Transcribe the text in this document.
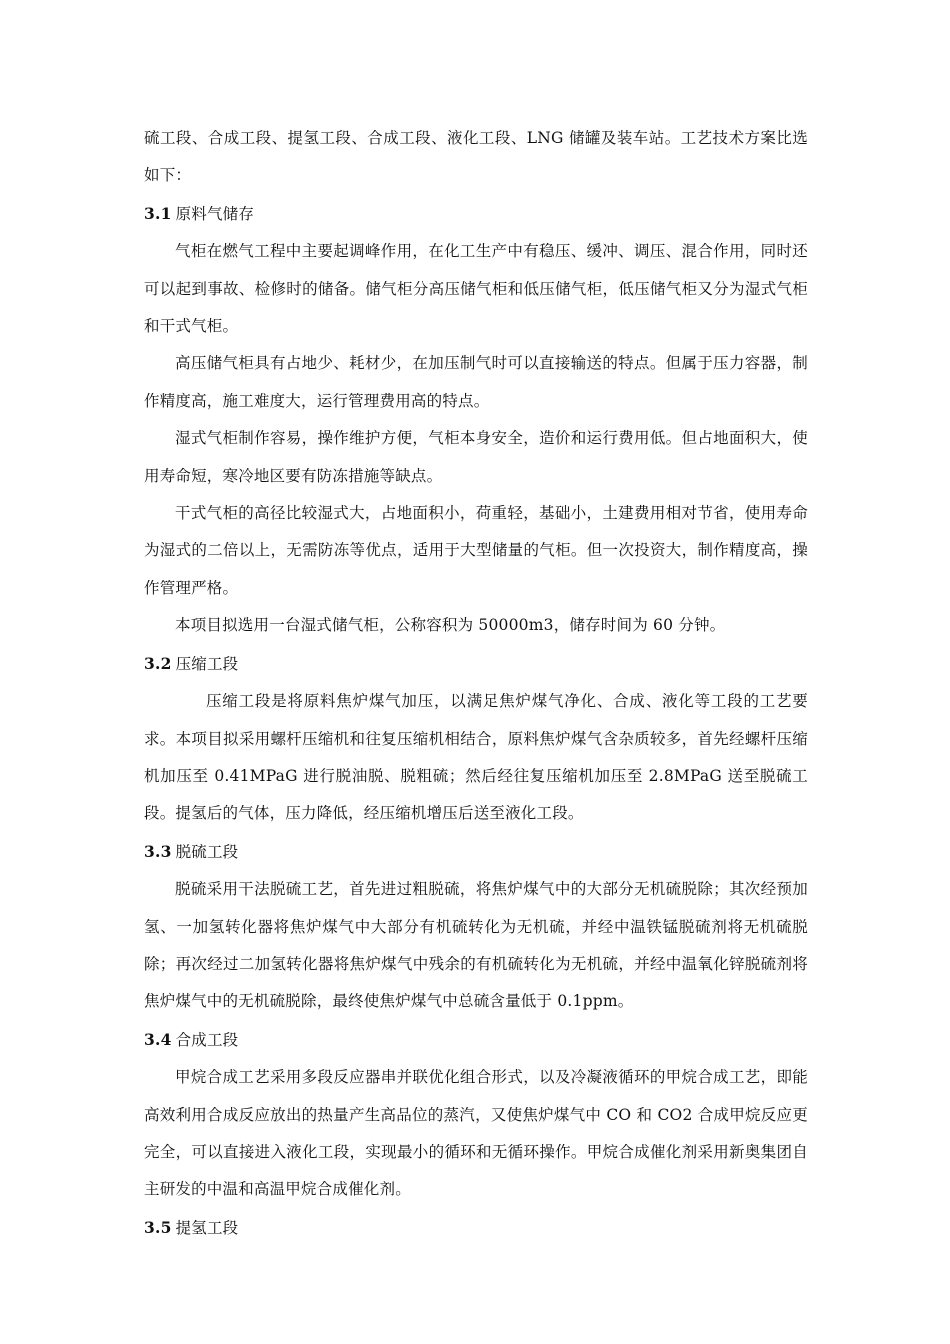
硫工段、合成工段、提氢工段、合成工段、液化工段、LNG 储罐及装车站。工艺技术方案比选如下：

3.1 原料气储存

气柜在燃气工程中主要起调峰作用，在化工生产中有稳压、缓冲、调压、混合作用，同时还可以起到事故、检修时的储备。储气柜分高压储气柜和低压储气柜，低压储气柜又分为湿式气柜和干式气柜。

高压储气柜具有占地少、耗材少，在加压制气时可以直接输送的特点。但属于压力容器，制作精度高，施工难度大，运行管理费用高的特点。

湿式气柜制作容易，操作维护方便，气柜本身安全，造价和运行费用低。但占地面积大，使用寿命短，寒冷地区要有防冻措施等缺点。

干式气柜的高径比较湿式大，占地面积小，荷重轻，基础小，土建费用相对节省，使用寿命为湿式的二倍以上，无需防冻等优点，适用于大型储量的气柜。但一次投资大，制作精度高，操作管理严格。

本项目拟选用一台湿式储气柜，公称容积为 50000m3，储存时间为 60 分钟。

3.2 压缩工段

压缩工段是将原料焦炉煤气加压，以满足焦炉煤气净化、合成、液化等工段的工艺要求。本项目拟采用螺杆压缩机和往复压缩机相结合，原料焦炉煤气含杂质较多，首先经螺杆压缩机加压至 0.41MPaG 进行脱油脱、脱粗硫；然后经往复压缩机加压至 2.8MPaG 送至脱硫工段。提氢后的气体，压力降低，经压缩机增压后送至液化工段。

3.3 脱硫工段

脱硫采用干法脱硫工艺，首先进过粗脱硫，将焦炉煤气中的大部分无机硫脱除；其次经预加氢、一加氢转化器将焦炉煤气中大部分有机硫转化为无机硫，并经中温铁锰脱硫剂将无机硫脱除；再次经过二加氢转化器将焦炉煤气中残余的有机硫转化为无机硫，并经中温氧化锌脱硫剂将焦炉煤气中的无机硫脱除，最终使焦炉煤气中总硫含量低于 0.1ppm。

3.4 合成工段

甲烷合成工艺采用多段反应器串并联优化组合形式，以及冷凝液循环的甲烷合成工艺，即能高效利用合成反应放出的热量产生高品位的蒸汽，又使焦炉煤气中 CO 和 CO2 合成甲烷反应更完全，可以直接进入液化工段，实现最小的循环和无循环操作。甲烷合成催化剂采用新奥集团自主研发的中温和高温甲烷合成催化剂。

3.5 提氢工段
